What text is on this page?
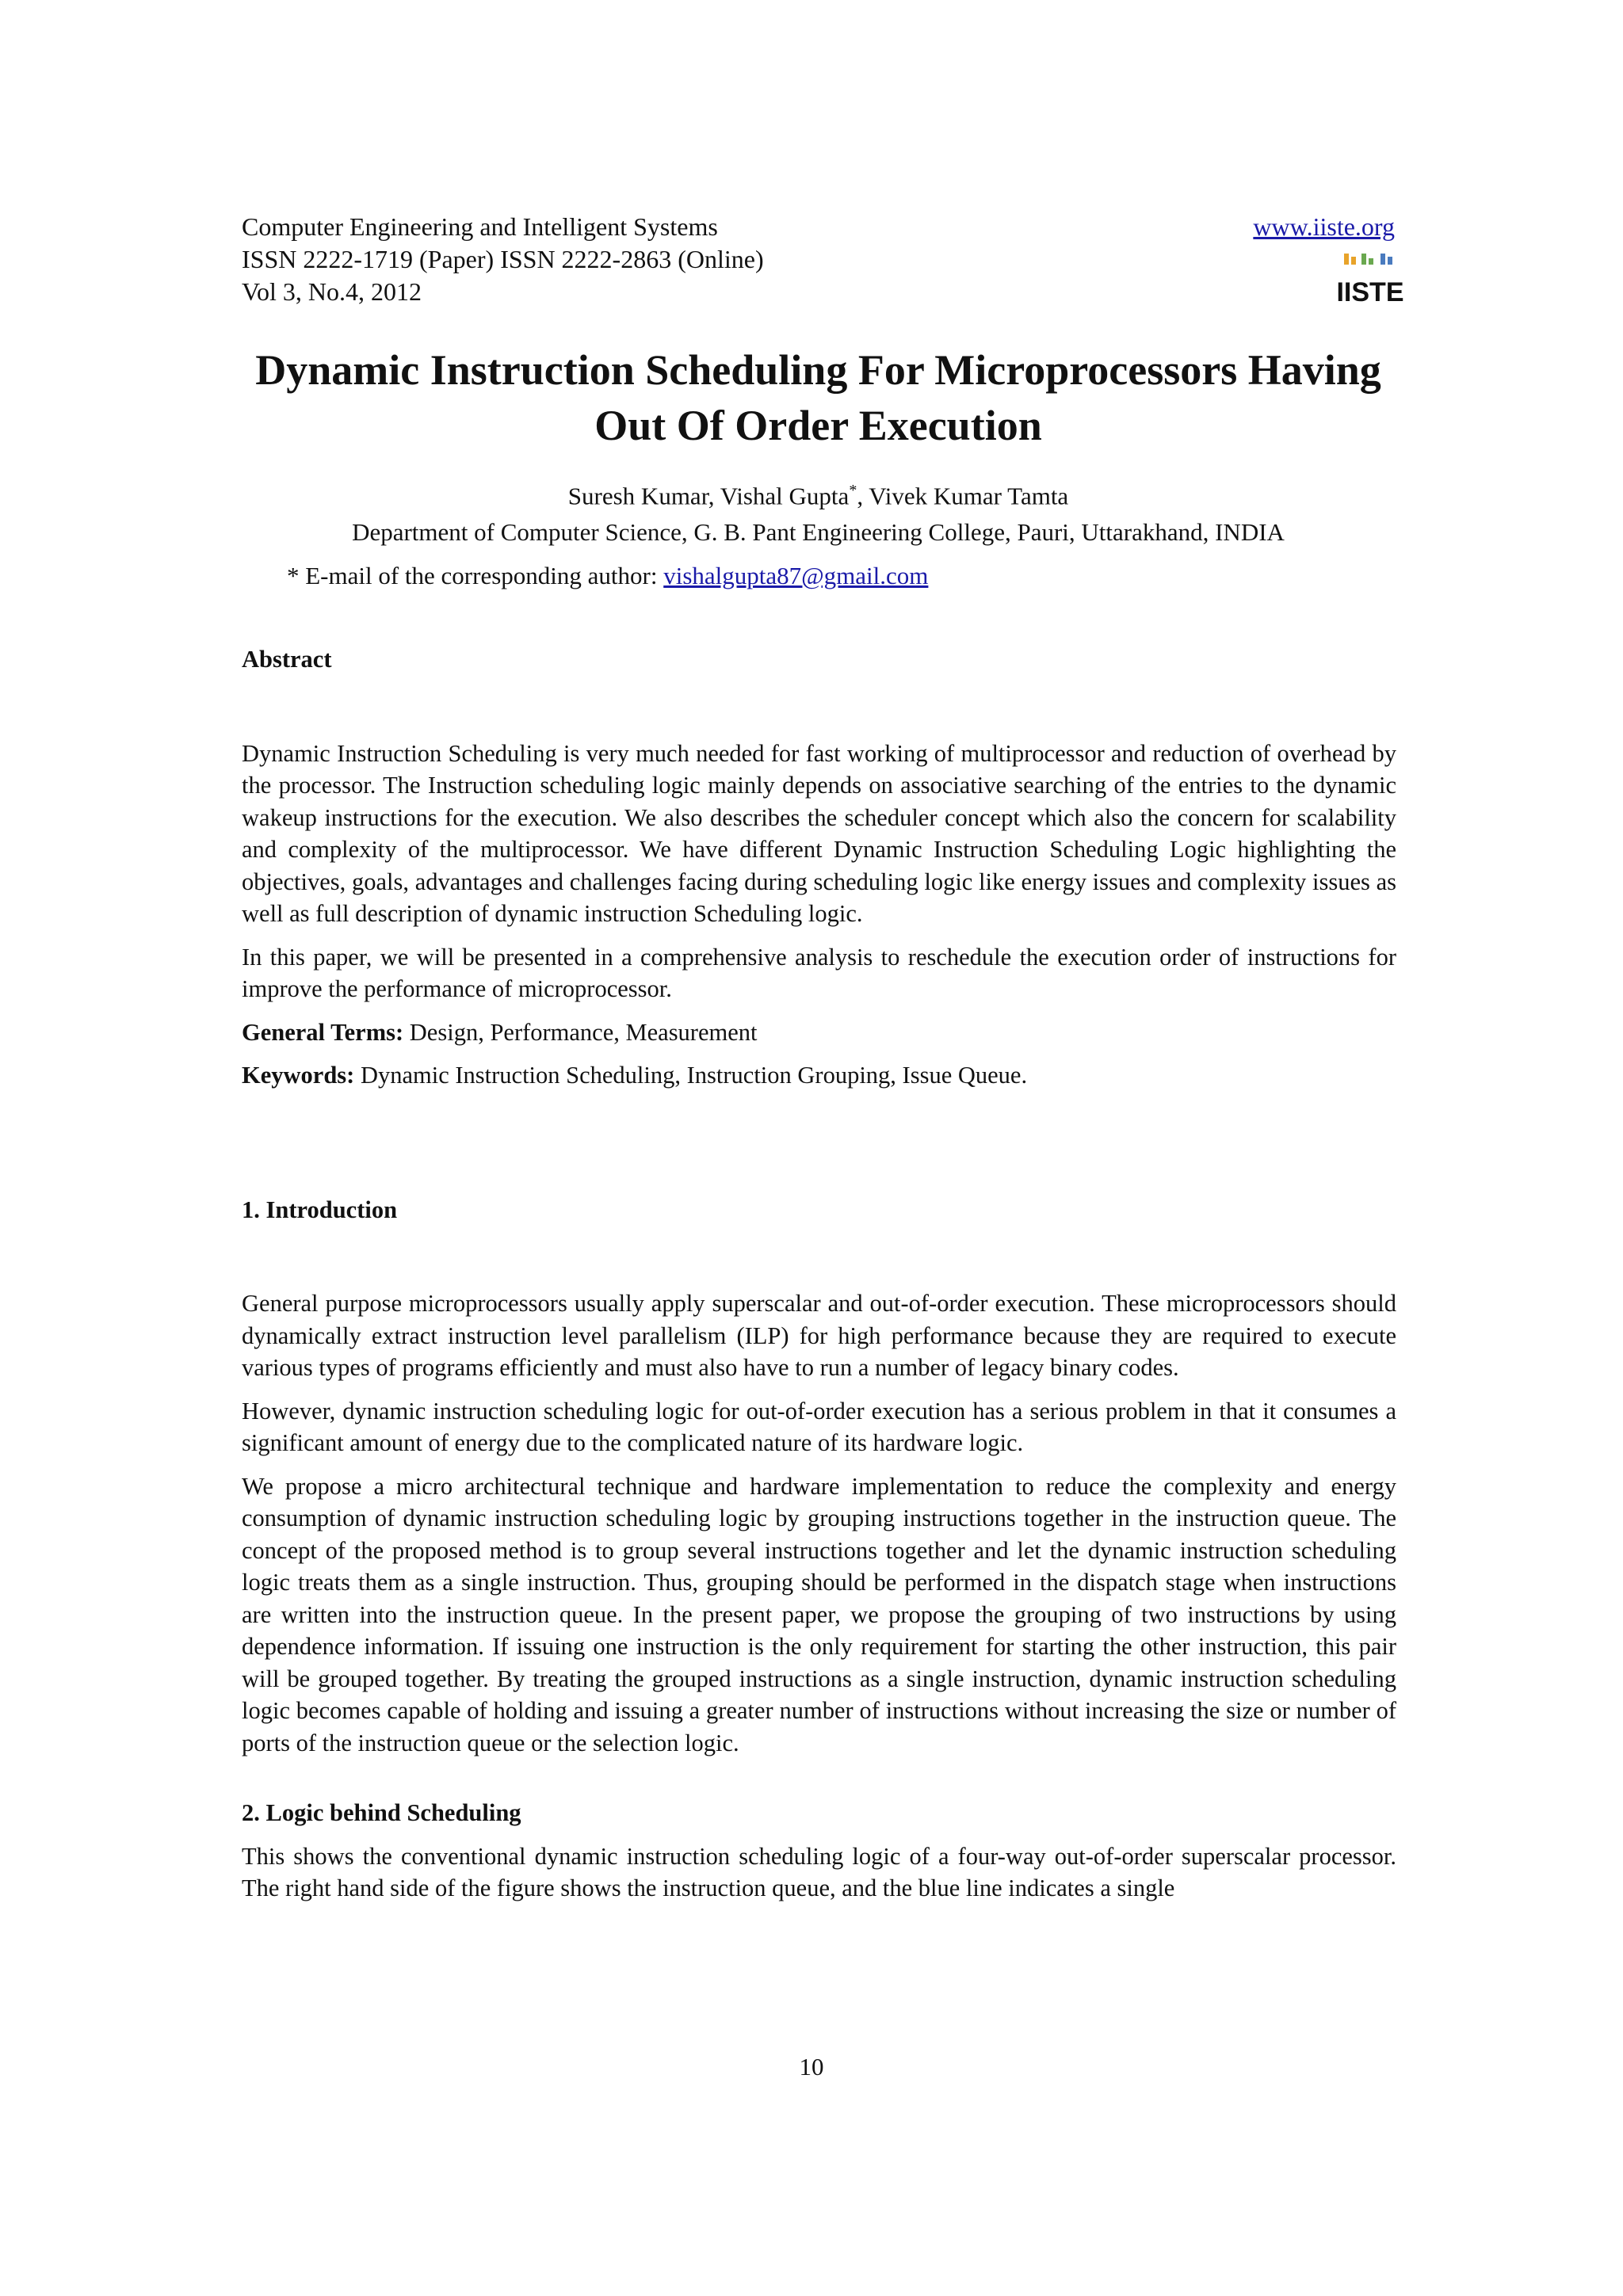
Computer Engineering and Intelligent Systems
ISSN 2222-1719 (Paper) ISSN 2222-2863 (Online)
Vol 3, No.4, 2012
www.iiste.org
IISTE
Dynamic Instruction Scheduling For Microprocessors Having
Out Of Order Execution
Suresh Kumar, Vishal Gupta*, Vivek Kumar Tamta
Department of Computer Science, G. B. Pant Engineering College, Pauri, Uttarakhand, INDIA
* E-mail of the corresponding author: vishalgupta87@gmail.com

Abstract

Dynamic Instruction Scheduling is very much needed for fast working of multiprocessor and reduction of overhead by the processor. The Instruction scheduling logic mainly depends on associative searching of the entries to the dynamic wakeup instructions for the execution. We also describes the scheduler concept which also the concern for scalability and complexity of the multiprocessor. We have different Dynamic Instruction Scheduling Logic highlighting the objectives, goals, advantages and challenges facing during scheduling logic like energy issues and complexity issues as well as full description of dynamic instruction Scheduling logic.

In this paper, we will be presented in a comprehensive analysis to reschedule the execution order of instructions for improve the performance of microprocessor.

General Terms: Design, Performance, Measurement

Keywords: Dynamic Instruction Scheduling, Instruction Grouping, Issue Queue.

1. Introduction

General purpose microprocessors usually apply superscalar and out-of-order execution. These microprocessors should dynamically extract instruction level parallelism (ILP) for high performance because they are required to execute various types of programs efficiently and must also have to run a number of legacy binary codes.

However, dynamic instruction scheduling logic for out-of-order execution has a serious problem in that it consumes a significant amount of energy due to the complicated nature of its hardware logic.

We propose a micro architectural technique and hardware implementation to reduce the complexity and energy consumption of dynamic instruction scheduling logic by grouping instructions together in the instruction queue. The concept of the proposed method is to group several instructions together and let the dynamic instruction scheduling logic treats them as a single instruction. Thus, grouping should be performed in the dispatch stage when instructions are written into the instruction queue. In the present paper, we propose the grouping of two instructions by using dependence information. If issuing one instruction is the only requirement for starting the other instruction, this pair will be grouped together. By treating the grouped instructions as a single instruction, dynamic instruction scheduling logic becomes capable of holding and issuing a greater number of instructions without increasing the size or number of ports of the instruction queue or the selection logic.

2. Logic behind Scheduling

This shows the conventional dynamic instruction scheduling logic of a four-way out-of-order superscalar processor. The right hand side of the figure shows the instruction queue, and the blue line indicates a single

10
